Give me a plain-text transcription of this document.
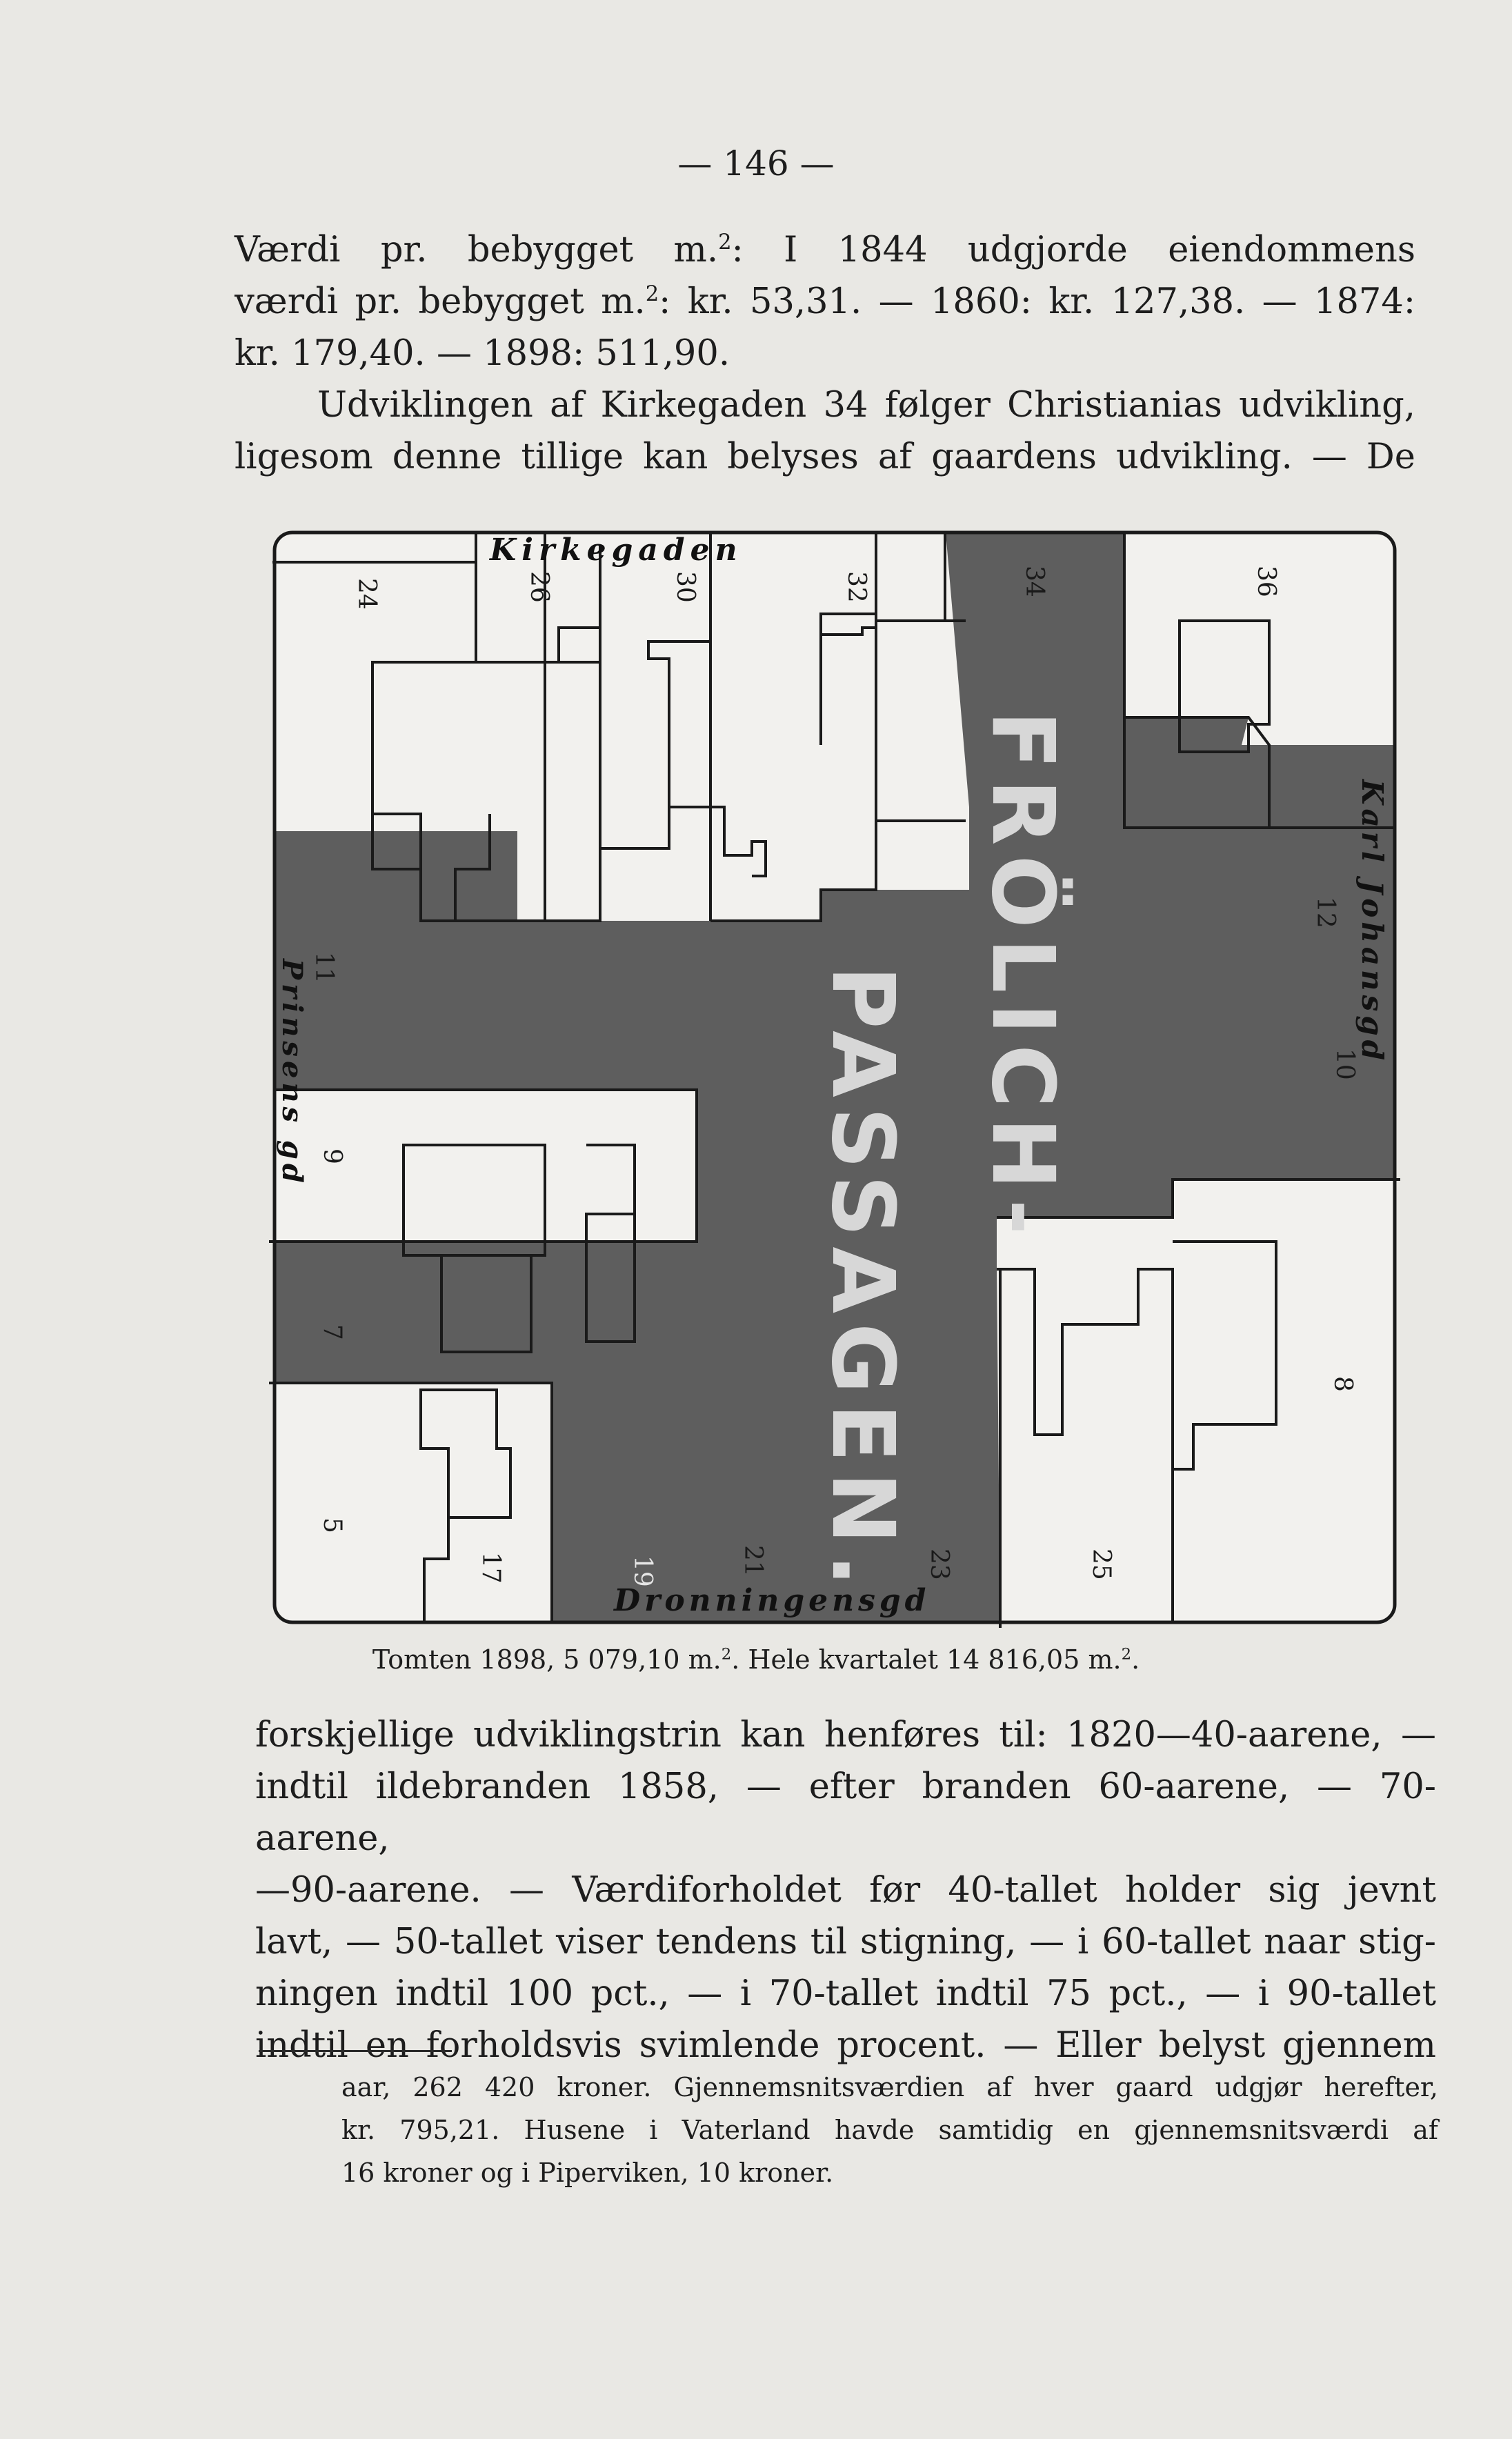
— 146 —
Værdi pr. bebygget m.$^2$: I 1844 udgjorde eiendommens
værdi pr. bebygget m.$^2$: kr. 53,31. — 1860: kr. 127,38. — 1874:
kr. 179,40. — 1898: 511,90.
Udviklingen af Kirkegaden 34 følger Christianias udvikling,
ligesom denne tillige kan belyses af gaardens udvikling. — De
FRÖLICH-
PASSAGEN.
Kirkegaden
Karl Johansgd
Prinsens gd
Dronningensgd
24	26	30	32	34	36
12
10
11
9
7
8
5
17	19	21	23	25
Tomten 1898, 5 079,10 m.$^2$. Hele kvartalet 14 816,05 m.$^2$.
forskjellige udviklingstrin kan henføres til: 1820—40-aarene, —
indtil ildebranden 1858, — efter branden 60-aarene, — 70-aarene,
—90-aarene. — Værdiforholdet før 40-tallet holder sig jevnt
lavt, — 50-tallet viser tendens til stigning, — i 60-tallet naar stig-
ningen indtil 100 pct., — i 70-tallet indtil 75 pct., — i 90-tallet
indtil en forholdsvis svimlende procent. — Eller belyst gjennem
aar, 262 420 kroner. Gjennemsnitsværdien af hver gaard udgjør herefter,
kr. 795,21. Husene i Vaterland havde samtidig en gjennemsnitsværdi af
16 kroner og i Piperviken, 10 kroner.
